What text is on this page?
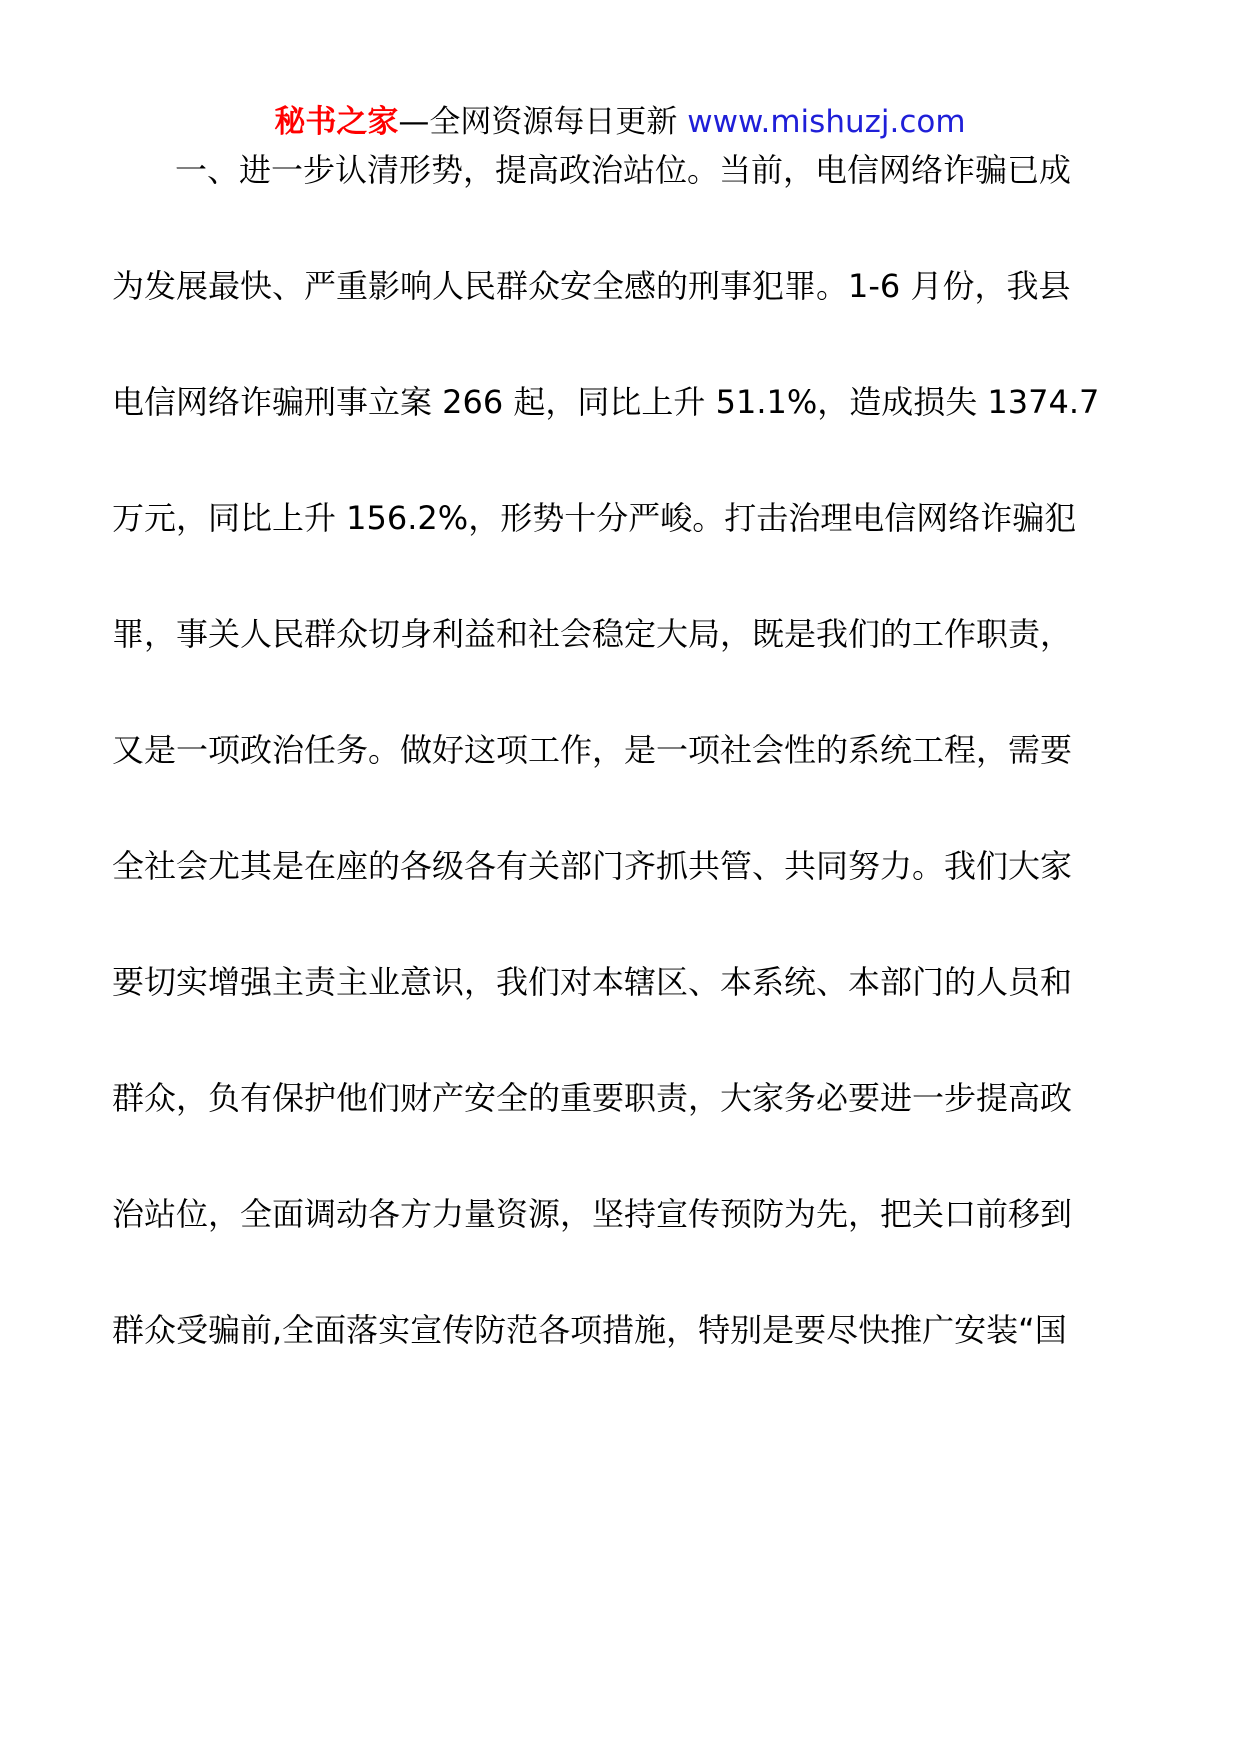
秘书之家—全网资源每日更新 www.mishuzj.com
一、进一步认清形势，提高政治站位。当前，电信网络诈骗已成
为发展最快、严重影响人民群众安全感的刑事犯罪。1-6 月份，我县
电信网络诈骗刑事立案 266 起，同比上升 51.1%，造成损失 1374.7
万元，同比上升 156.2%，形势十分严峻。打击治理电信网络诈骗犯
罪，事关人民群众切身利益和社会稳定大局，既是我们的工作职责，
又是一项政治任务。做好这项工作，是一项社会性的系统工程，需要
全社会尤其是在座的各级各有关部门齐抓共管、共同努力。我们大家
要切实增强主责主业意识，我们对本辖区、本系统、本部门的人员和
群众，负有保护他们财产安全的重要职责，大家务必要进一步提高政
治站位，全面调动各方力量资源，坚持宣传预防为先，把关口前移到
群众受骗前,全面落实宣传防范各项措施，特别是要尽快推广安装“国
